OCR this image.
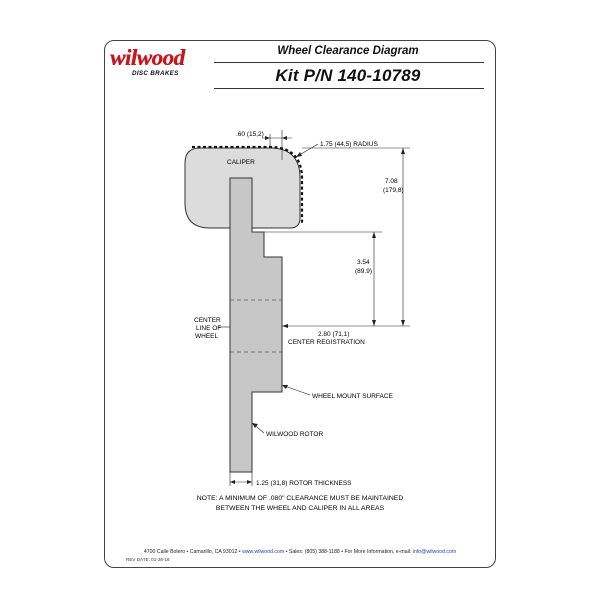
wilwood
DISC BRAKES
Wheel Clearance Diagram
Kit P/N 140-10789
.60 (15,2)
1.75 (44,5) RADIUS
7.08
(179,8)
3.54
(89.9)
2.80 (71,1)
CENTER REGISTRATION
CENTER
LINE OF
WHEEL
CALIPER
WHEEL MOUNT SURFACE
WILWOOD ROTOR
1.25 (31,8) ROTOR THICKNESS
NOTE: A MINIMUM OF .080" CLEARANCE MUST BE MAINTAINED
BETWEEN THE WHEEL AND CALIPER IN ALL AREAS
4700 Calle Bolero • Camarillo, CA 93012 • www.wilwood.com • Sales: (805) 388-1188 • For More Information, e-mail: info@wilwood.com
REV DATE: 01-26-16
